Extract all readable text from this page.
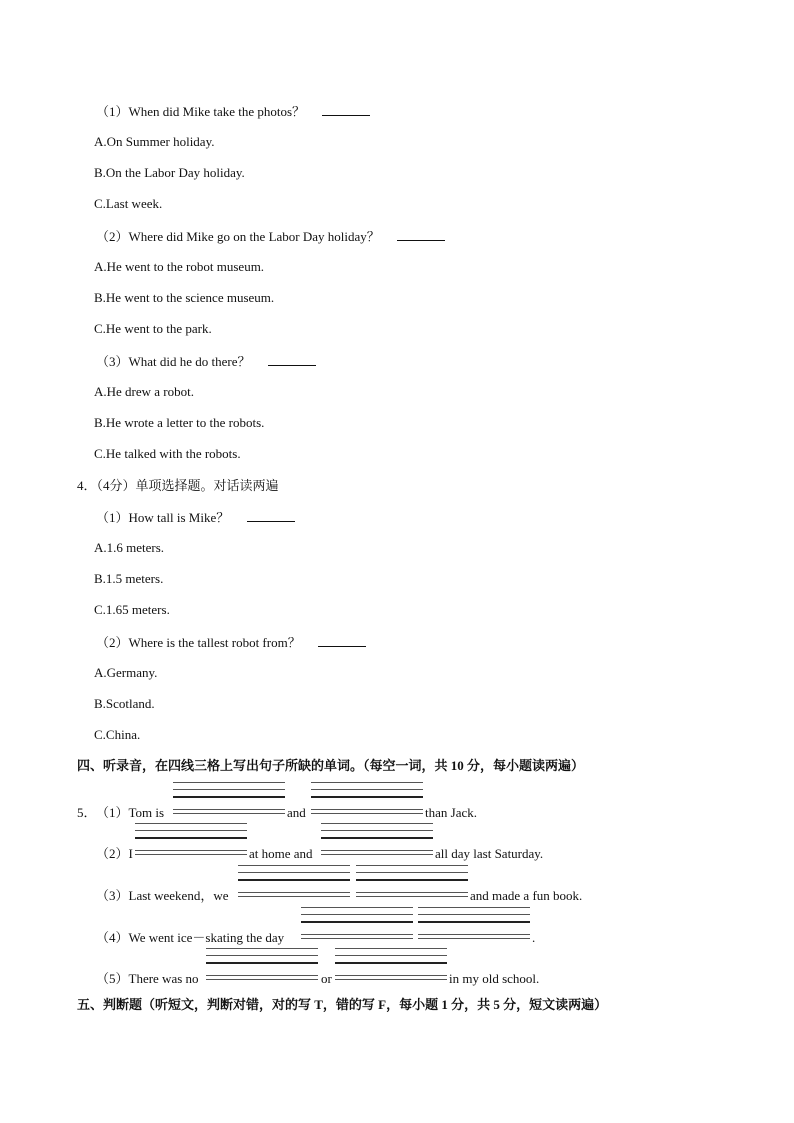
（1）When did Mike take the photos？
A.On Summer holiday.
B.On the Labor Day holiday.
C.Last week.
（2）Where did Mike go on the Labor Day holiday？
A.He went to the robot museum.
B.He went to the science museum.
C.He went to the park.
（3）What did he do there？
A.He drew a robot.
B.He wrote a letter to the robots.
C.He talked with the robots.
4．（4分）单项选择题。对话读两遍
（1）How tall is Mike？
A.1.6 meters.
B.1.5 meters.
C.1.65 meters.
（2）Where is the tallest robot from？
A.Germany.
B.Scotland.
C.China.
四、听录音，在四线三格上写出句子所缺的单词。（每空一词，共 10 分，每小题读两遍）
5． （1）Tom is	and	than Jack.
（2）I	at home and	all day last Saturday.
（3）Last weekend，we	and made a fun book.
（4）We went ice－skating the day	.
（5）There was no	or	in my old school.
五、判断题（听短文，判断对错，对的写 T，错的写 F，每小题 1 分，共 5 分，短文读两遍）
